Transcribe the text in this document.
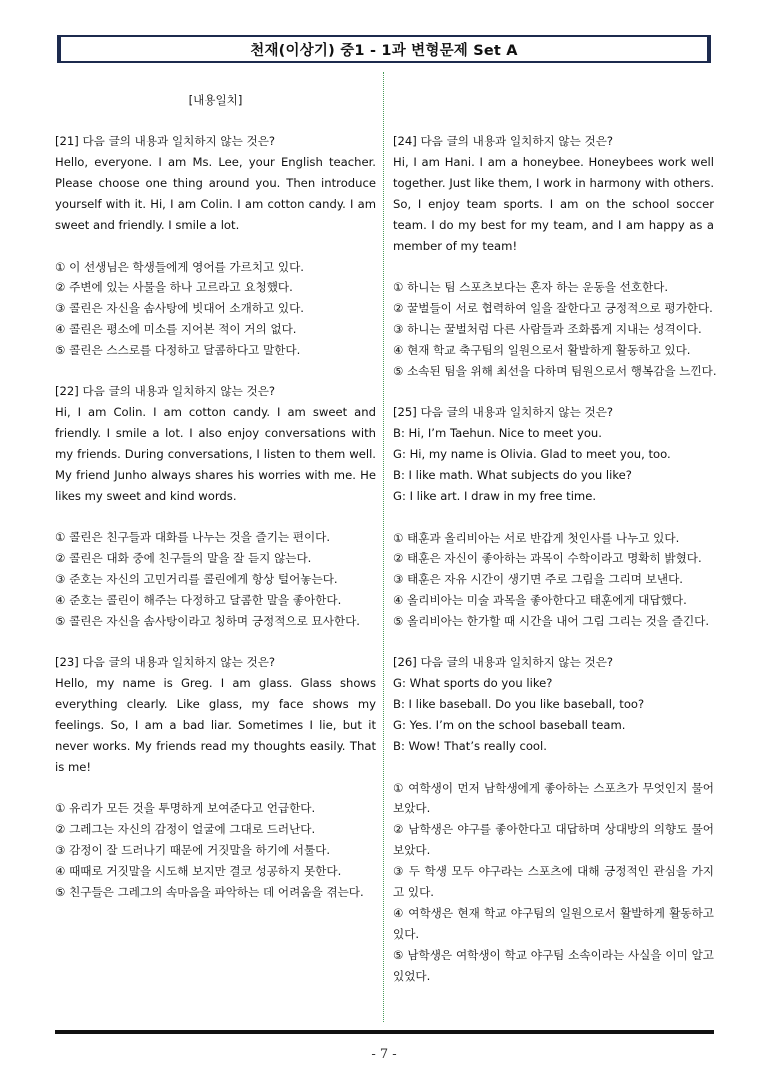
천재(이상기) 중1 - 1과 변형문제 Set A
[내용일치]

[21] 다음 글의 내용과 일치하지 않는 것은?

Hello, everyone. I am Ms. Lee, your English teacher. Please choose one thing around you. Then introduce yourself with it. Hi, I am Colin. I am cotton candy. I am sweet and friendly. I smile a lot.

① 이 선생님은 학생들에게 영어를 가르치고 있다.

② 주변에 있는 사물을 하나 고르라고 요청했다.

③ 콜린은 자신을 솜사탕에 빗대어 소개하고 있다.

④ 콜린은 평소에 미소를 지어본 적이 거의 없다.

⑤ 콜린은 스스로를 다정하고 달콤하다고 말한다.

[22] 다음 글의 내용과 일치하지 않는 것은?

Hi, I am Colin. I am cotton candy. I am sweet and friendly. I smile a lot. I also enjoy conversations with my friends. During conversations, I listen to them well. My friend Junho always shares his worries with me. He likes my sweet and kind words.

① 콜린은 친구들과 대화를 나누는 것을 즐기는 편이다.

② 콜린은 대화 중에 친구들의 말을 잘 듣지 않는다.

③ 준호는 자신의 고민거리를 콜린에게 항상 털어놓는다.

④ 준호는 콜린이 해주는 다정하고 달콤한 말을 좋아한다.

⑤ 콜린은 자신을 솜사탕이라고 칭하며 긍정적으로 묘사한다.

[23] 다음 글의 내용과 일치하지 않는 것은?

Hello, my name is Greg. I am glass. Glass shows everything clearly. Like glass, my face shows my feelings. So, I am a bad liar. Sometimes I lie, but it never works. My friends read my thoughts easily. That is me!

① 유리가 모든 것을 투명하게 보여준다고 언급한다.

② 그레그는 자신의 감정이 얼굴에 그대로 드러난다.

③ 감정이 잘 드러나기 때문에 거짓말을 하기에 서툴다.

④ 때때로 거짓말을 시도해 보지만 결코 성공하지 못한다.

⑤ 친구들은 그레그의 속마음을 파악하는 데 어려움을 겪는다.

[24] 다음 글의 내용과 일치하지 않는 것은?

Hi, I am Hani. I am a honeybee. Honeybees work well together. Just like them, I work in harmony with others. So, I enjoy team sports. I am on the school soccer team. I do my best for my team, and I am happy as a member of my team!

① 하니는 팀 스포츠보다는 혼자 하는 운동을 선호한다.

② 꿀벌들이 서로 협력하여 일을 잘한다고 긍정적으로 평가한다.

③ 하니는 꿀벌처럼 다른 사람들과 조화롭게 지내는 성격이다.

④ 현재 학교 축구팀의 일원으로서 활발하게 활동하고 있다.

⑤ 소속된 팀을 위해 최선을 다하며 팀원으로서 행복감을 느낀다.

[25] 다음 글의 내용과 일치하지 않는 것은?

B: Hi, I’m Taehun. Nice to meet you.

G: Hi, my name is Olivia. Glad to meet you, too.

B: I like math. What subjects do you like?

G: I like art. I draw in my free time.

① 태훈과 올리비아는 서로 반갑게 첫인사를 나누고 있다.

② 태훈은 자신이 좋아하는 과목이 수학이라고 명확히 밝혔다.

③ 태훈은 자유 시간이 생기면 주로 그림을 그리며 보낸다.

④ 올리비아는 미술 과목을 좋아한다고 태훈에게 대답했다.

⑤ 올리비아는 한가할 때 시간을 내어 그림 그리는 것을 즐긴다.

[26] 다음 글의 내용과 일치하지 않는 것은?

G: What sports do you like?

B: I like baseball. Do you like baseball, too?

G: Yes. I’m on the school baseball team.

B: Wow! That’s really cool.

① 여학생이 먼저 남학생에게 좋아하는 스포츠가 무엇인지 물어보았다.

② 남학생은 야구를 좋아한다고 대답하며 상대방의 의향도 물어보았다.

③ 두 학생 모두 야구라는 스포츠에 대해 긍정적인 관심을 가지고 있다.

④ 여학생은 현재 학교 야구팀의 일원으로서 활발하게 활동하고 있다.

⑤ 남학생은 여학생이 학교 야구팀 소속이라는 사실을 이미 알고 있었다.

- 7 -
